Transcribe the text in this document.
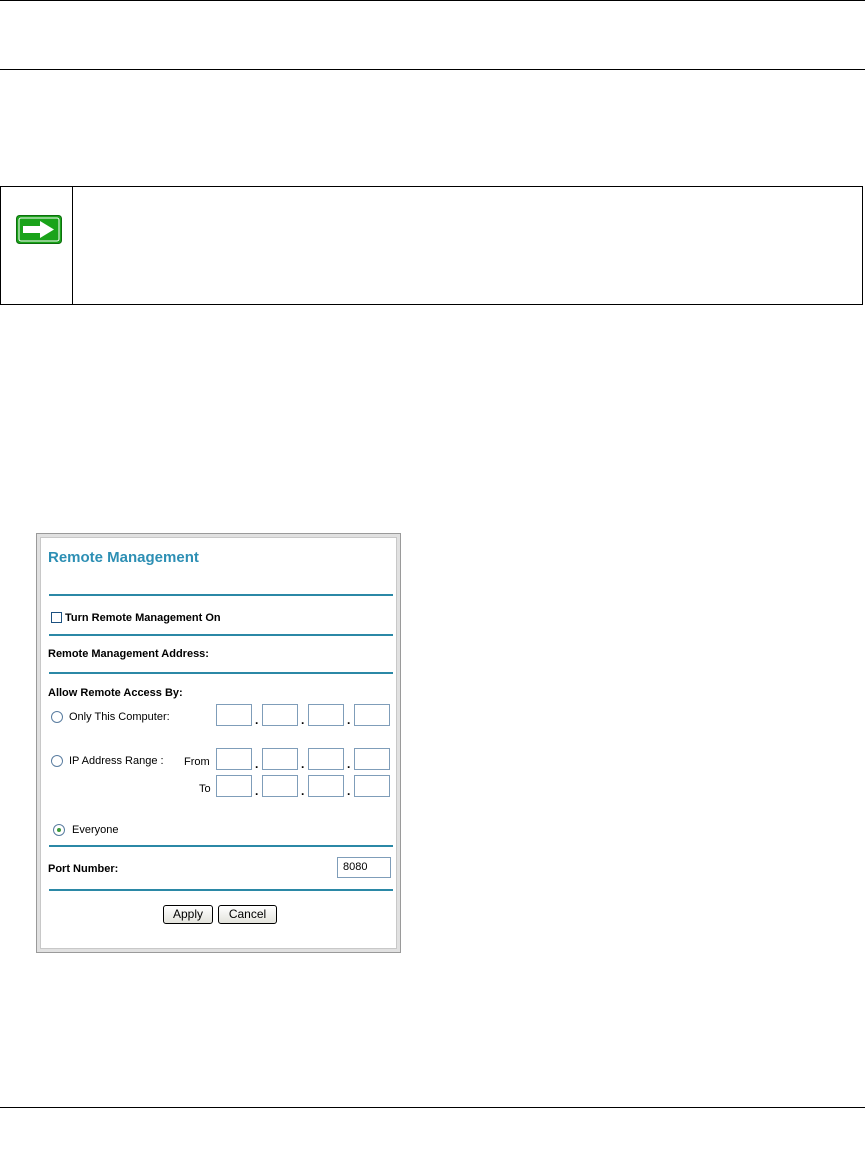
Remote Management
Turn Remote Management On
Remote Management Address:
Allow Remote Access By:
Only This Computer:	.	.	.
IP Address Range : From	.	.	.
To	.	.	.
Everyone
Port Number:	8080
Apply	Cancel
